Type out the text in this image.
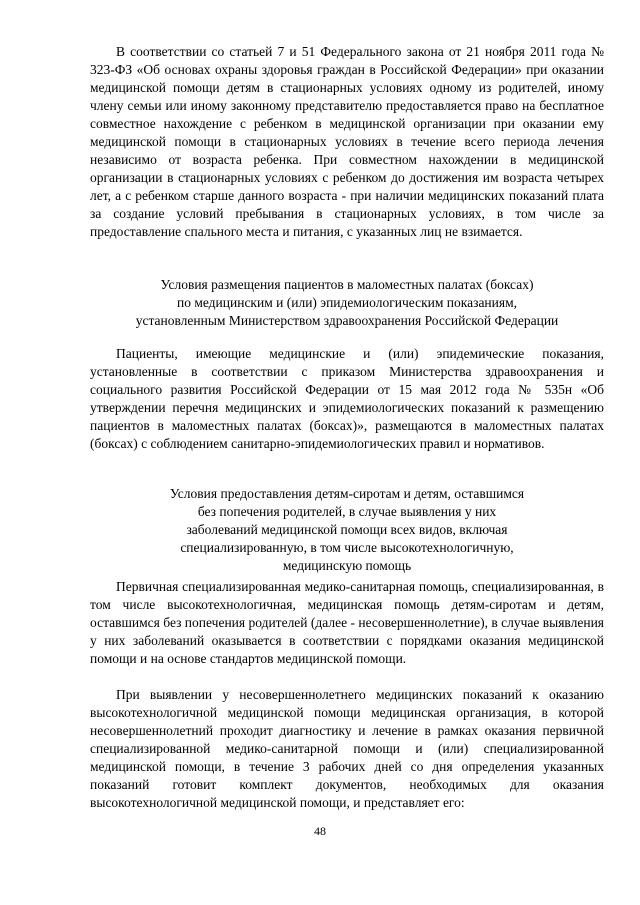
В соответствии со статьей 7 и 51 Федерального закона от 21 ноября 2011 года № 323-ФЗ «Об основах охраны здоровья граждан в Российской Федерации» при оказании медицинской помощи детям в стационарных условиях одному из родителей, иному члену семьи или иному законному представителю предоставляется право на бесплатное совместное нахождение с ребенком в медицинской организации при оказании ему медицинской помощи в стационарных условиях в течение всего периода лечения независимо от возраста ребенка. При совместном нахождении в медицинской организации в стационарных условиях с ребенком до достижения им возраста четырех лет, а с ребенком старше данного возраста - при наличии медицинских показаний плата за создание условий пребывания в стационарных условиях, в том числе за предоставление спального места и питания, с указанных лиц не взимается.

Условия размещения пациентов в маломестных палатах (боксах)
по медицинским и (или) эпидемиологическим показаниям,
установленным Министерством здравоохранения Российской Федерации

Пациенты, имеющие медицинские и (или) эпидемические показания, установленные в соответствии с приказом Министерства здравоохранения и социального развития Российской Федерации от 15 мая 2012 года № 535н «Об утверждении перечня медицинских и эпидемиологических показаний к размещению пациентов в маломестных палатах (боксах)», размещаются в маломестных палатах (боксах) с соблюдением санитарно-эпидемиологических правил и нормативов.

Условия предоставления детям-сиротам и детям, оставшимся
без попечения родителей, в случае выявления у них
заболеваний медицинской помощи всех видов, включая
специализированную, в том числе высокотехнологичную,
медицинскую помощь

Первичная специализированная медико-санитарная помощь, специализированная, в том числе высокотехнологичная, медицинская помощь детям-сиротам и детям, оставшимся без попечения родителей (далее - несовершеннолетние), в случае выявления у них заболеваний оказывается в соответствии с порядками оказания медицинской помощи и на основе стандартов медицинской помощи.

При выявлении у несовершеннолетнего медицинских показаний к оказанию высокотехнологичной медицинской помощи медицинская организация, в которой несовершеннолетний проходит диагностику и лечение в рамках оказания первичной специализированной медико-санитарной помощи и (или) специализированной медицинской помощи, в течение 3 рабочих дней со дня определения указанных показаний готовит комплект документов, необходимых для оказания высокотехнологичной медицинской помощи, и представляет его:

48
